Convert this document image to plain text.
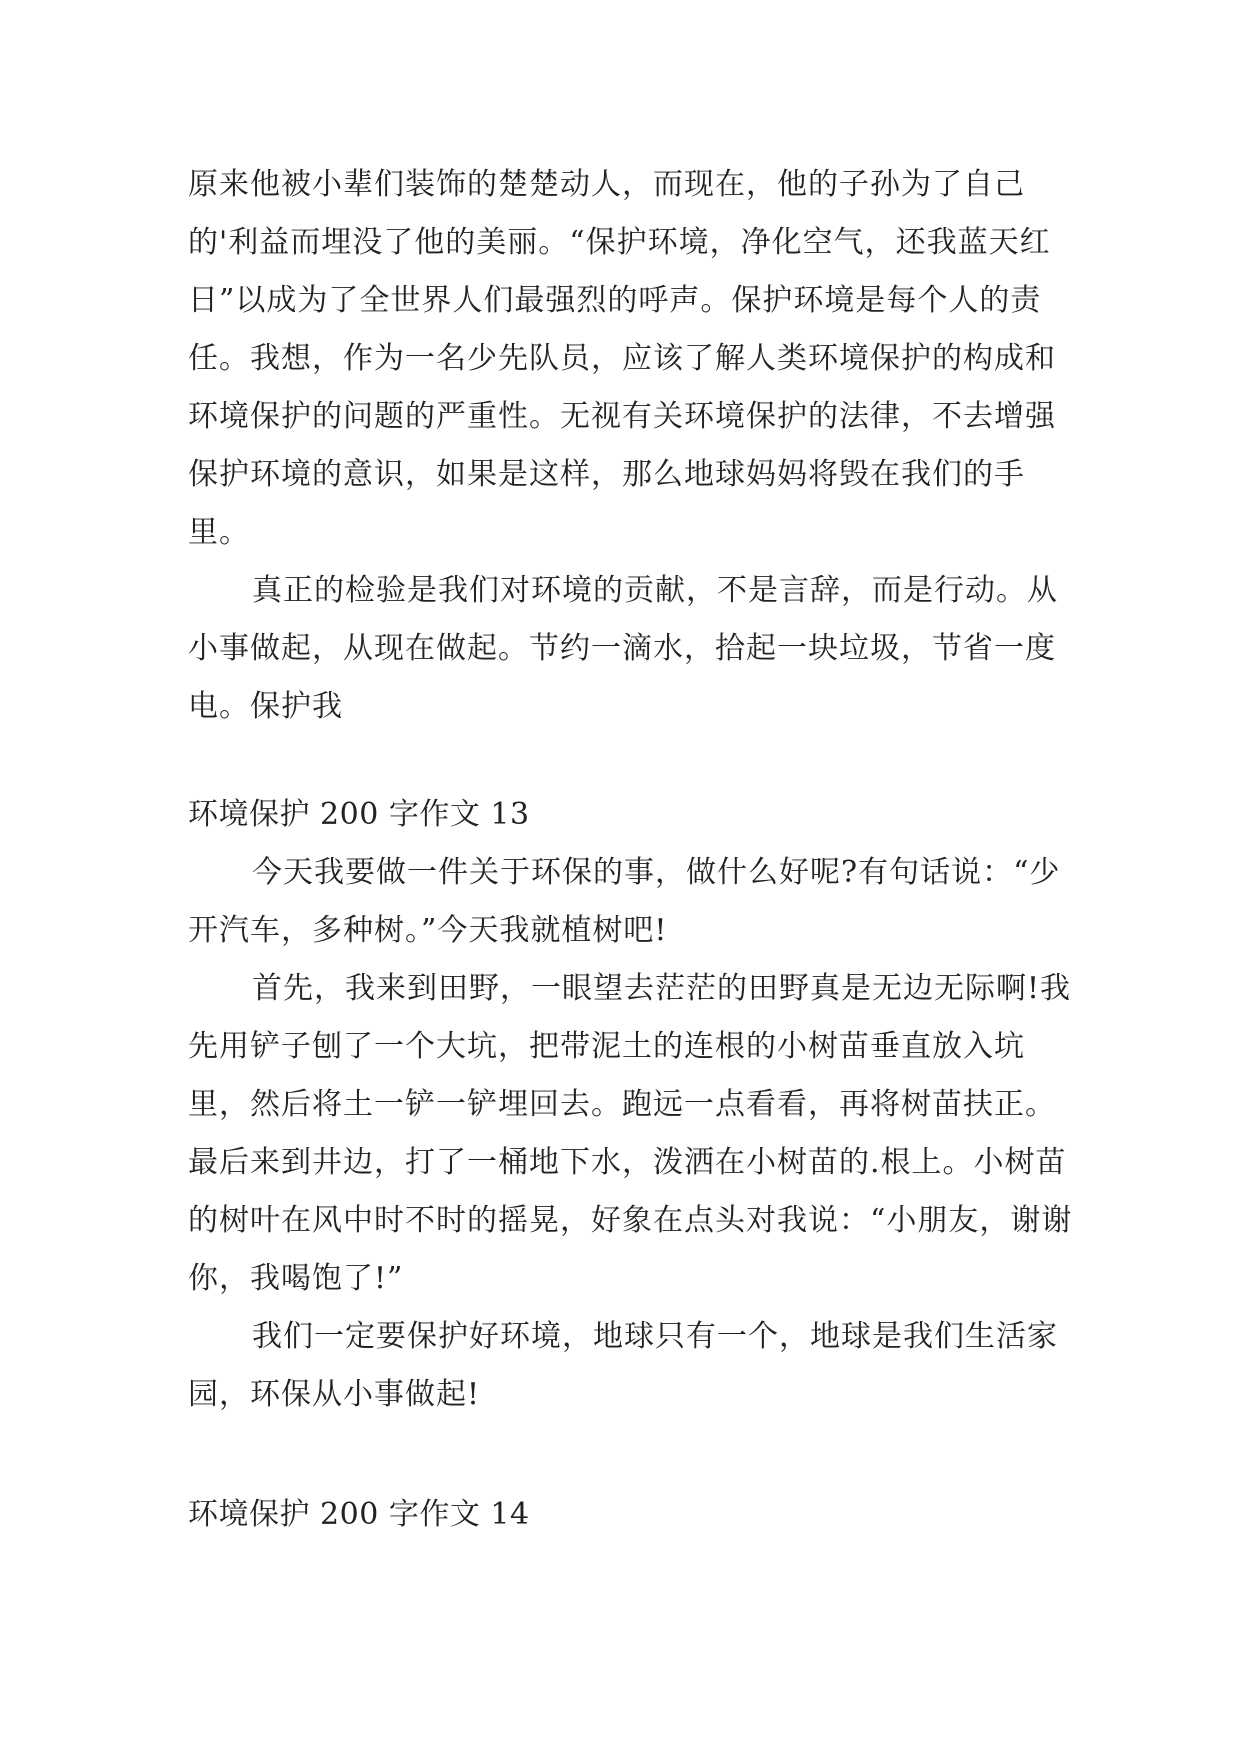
原来他被小辈们装饰的楚楚动人，而现在，他的子孙为了自己的'利益而埋没了他的美丽。“保护环境，净化空气，还我蓝天红日”以成为了全世界人们最强烈的呼声。保护环境是每个人的责任。我想，作为一名少先队员，应该了解人类环境保护的构成和环境保护的问题的严重性。无视有关环境保护的法律，不去增强保护环境的意识，如果是这样，那么地球妈妈将毁在我们的手里。

真正的检验是我们对环境的贡献，不是言辞，而是行动。从小事做起，从现在做起。节约一滴水，拾起一块垃圾，节省一度电。保护我

环境保护 200 字作文 13

今天我要做一件关于环保的事，做什么好呢?有句话说：“少开汽车，多种树。”今天我就植树吧!

首先，我来到田野，一眼望去茫茫的田野真是无边无际啊!我先用铲子刨了一个大坑，把带泥土的连根的小树苗垂直放入坑里，然后将土一铲一铲埋回去。跑远一点看看，再将树苗扶正。最后来到井边，打了一桶地下水，泼洒在小树苗的.根上。小树苗的树叶在风中时不时的摇晃，好象在点头对我说：“小朋友，谢谢你，我喝饱了!”

我们一定要保护好环境，地球只有一个，地球是我们生活家园，环保从小事做起!

环境保护 200 字作文 14
